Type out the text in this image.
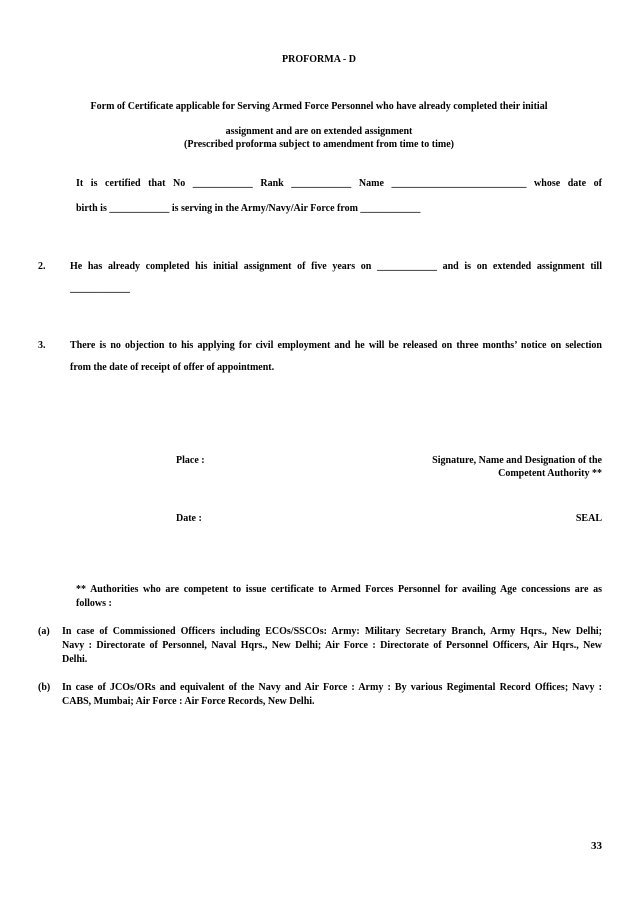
PROFORMA - D
Form of Certificate applicable for Serving Armed Force Personnel who have already completed their initial
assignment and are on extended assignment
(Prescribed proforma subject to amendment from time to time)
It is certified that No ____________ Rank ____________ Name ___________________________ whose date of
birth is ____________ is serving in the Army/Navy/Air Force from ____________
2. He has already completed his initial assignment of five years on ____________ and is on extended assignment till
____________
3. There is no objection to his applying for civil employment and he will be released on three months’ notice on selection
from the date of receipt of offer of appointment.
Place :	Signature, Name and Designation of the
Competent Authority **
Date :	SEAL
** Authorities who are competent to issue certificate to Armed Forces Personnel for availing Age concessions are as
follows :
(a) In case of Commissioned Officers including ECOs/SSCOs: Army: Military Secretary Branch, Army Hqrs., New Delhi;
Navy : Directorate of Personnel, Naval Hqrs., New Delhi; Air Force : Directorate of Personnel Officers, Air Hqrs., New
Delhi.
(b) In case of JCOs/ORs and equivalent of the Navy and Air Force : Army : By various Regimental Record Offices; Navy :
CABS, Mumbai; Air Force : Air Force Records, New Delhi.
33
